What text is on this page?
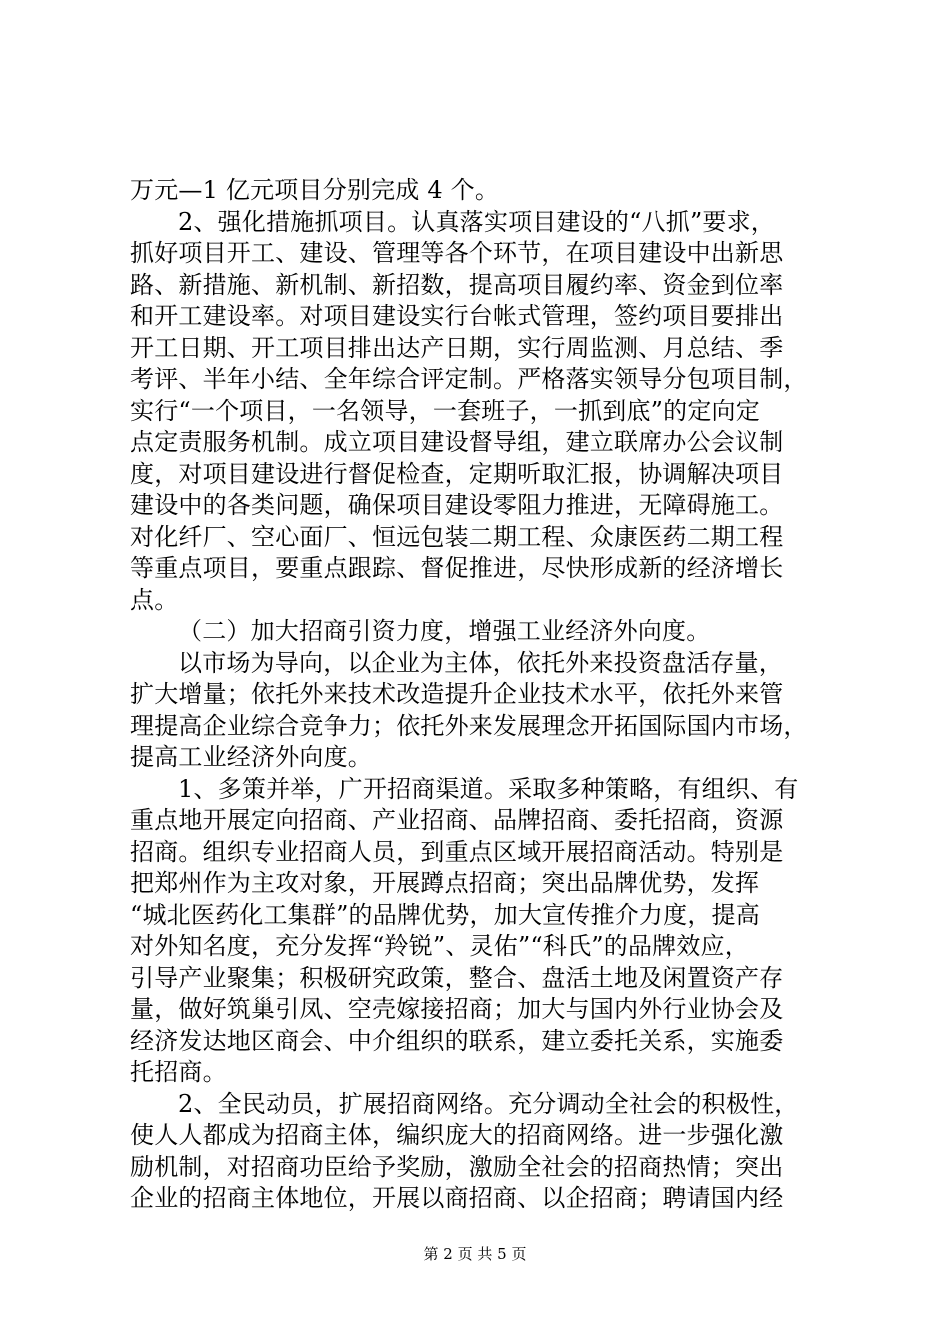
万元—1 亿元项目分别完成 4 个。
2、强化措施抓项目。认真落实项目建设的“八抓”要求，
抓好项目开工、建设、管理等各个环节，在项目建设中出新思
路、新措施、新机制、新招数，提高项目履约率、资金到位率
和开工建设率。对项目建设实行台帐式管理，签约项目要排出
开工日期、开工项目排出达产日期，实行周监测、月总结、季
考评、半年小结、全年综合评定制。严格落实领导分包项目制，
实行“一个项目，一名领导，一套班子，一抓到底”的定向定
点定责服务机制。成立项目建设督导组，建立联席办公会议制
度，对项目建设进行督促检查，定期听取汇报，协调解决项目
建设中的各类问题，确保项目建设零阻力推进，无障碍施工。
对化纤厂、空心面厂、恒远包装二期工程、众康医药二期工程
等重点项目，要重点跟踪、督促推进，尽快形成新的经济增长
点。
（二）加大招商引资力度，增强工业经济外向度。
以市场为导向，以企业为主体，依托外来投资盘活存量，
扩大增量；依托外来技术改造提升企业技术水平，依托外来管
理提高企业综合竞争力；依托外来发展理念开拓国际国内市场，
提高工业经济外向度。
1、多策并举，广开招商渠道。采取多种策略，有组织、有
重点地开展定向招商、产业招商、品牌招商、委托招商，资源
招商。组织专业招商人员，到重点区域开展招商活动。特别是
把郑州作为主攻对象，开展蹲点招商；突出品牌优势，发挥
“城北医药化工集群”的品牌优势，加大宣传推介力度，提高
对外知名度，充分发挥“羚锐”、灵佑”“科氏”的品牌效应，
引导产业聚集；积极研究政策，整合、盘活土地及闲置资产存
量，做好筑巢引凤、空壳嫁接招商；加大与国内外行业协会及
经济发达地区商会、中介组织的联系，建立委托关系，实施委
托招商。
2、全民动员，扩展招商网络。充分调动全社会的积极性，
使人人都成为招商主体，编织庞大的招商网络。进一步强化激
励机制，对招商功臣给予奖励，激励全社会的招商热情；突出
企业的招商主体地位，开展以商招商、以企招商；聘请国内经
第 2 页 共 5 页
